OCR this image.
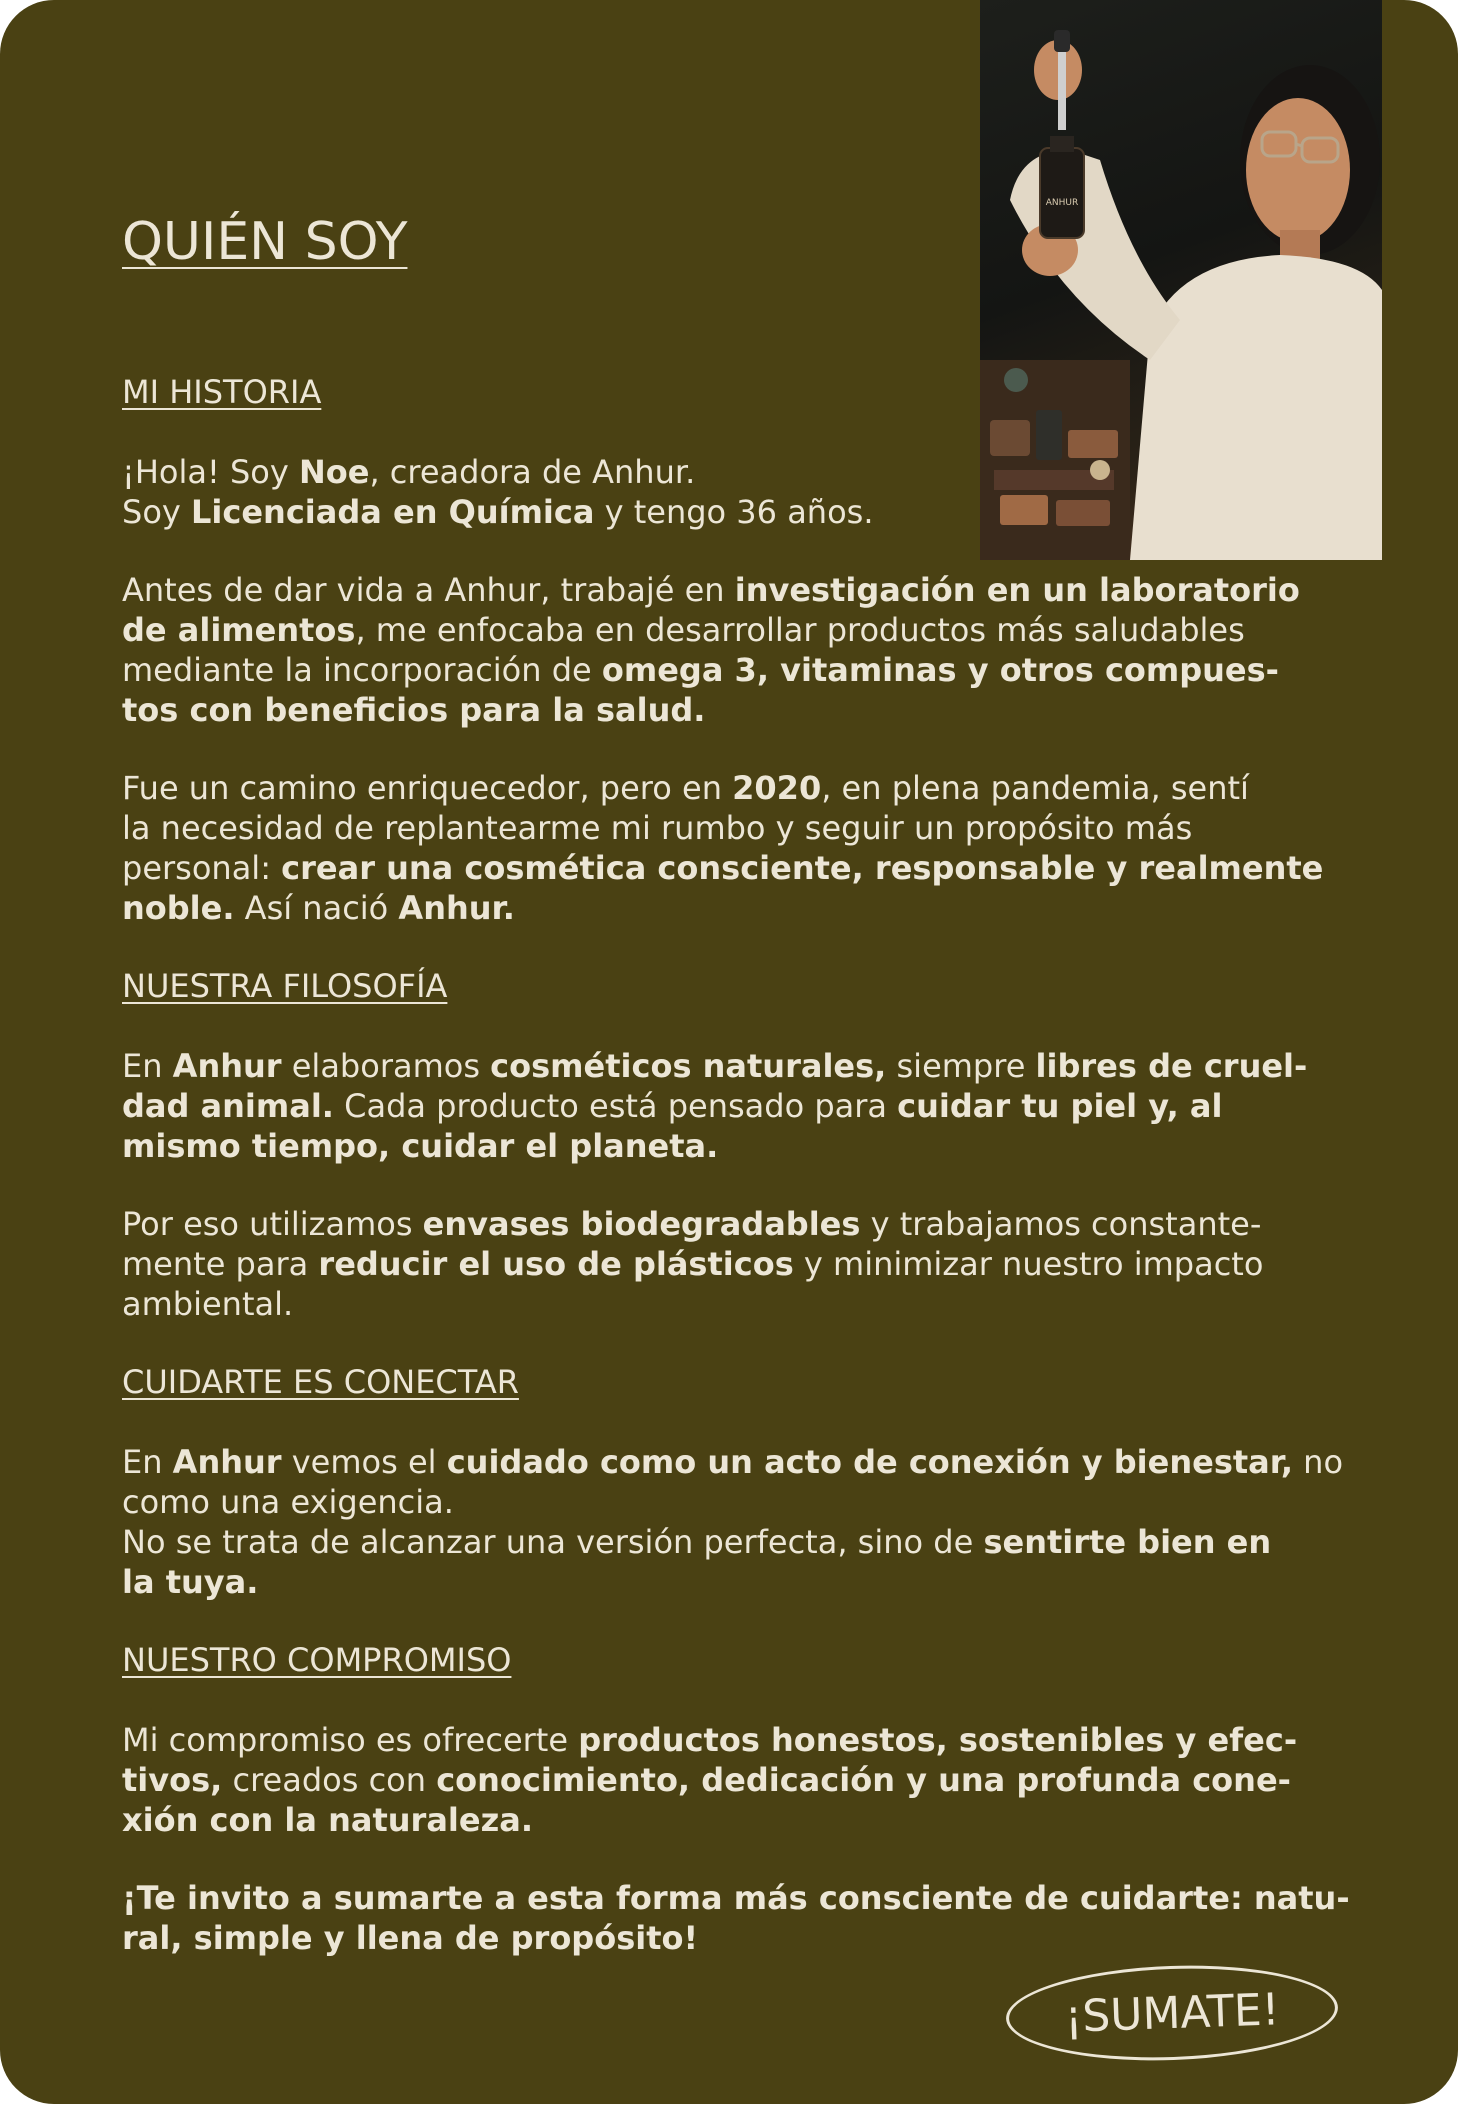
ANHUR
QUIÉN SOY
MI HISTORIA

¡Hola! Soy Noe, creadora de Anhur.
Soy Licenciada en Química y tengo 36 años.

Antes de dar vida a Anhur, trabajé en investigación en un laboratorio
de alimentos, me enfocaba en desarrollar productos más saludables
mediante la incorporación de omega 3, vitaminas y otros compues-
tos con beneficios para la salud.

Fue un camino enriquecedor, pero en 2020, en plena pandemia, sentí
la necesidad de replantearme mi rumbo y seguir un propósito más
personal: crear una cosmética consciente, responsable y realmente
noble. Así nació Anhur.

NUESTRA FILOSOFÍA

En Anhur elaboramos cosméticos naturales, siempre libres de cruel-
dad animal. Cada producto está pensado para cuidar tu piel y, al
mismo tiempo, cuidar el planeta.

Por eso utilizamos envases biodegradables y trabajamos constante-
mente para reducir el uso de plásticos y minimizar nuestro impacto
ambiental.

CUIDARTE ES CONECTAR

En Anhur vemos el cuidado como un acto de conexión y bienestar, no
como una exigencia.
No se trata de alcanzar una versión perfecta, sino de sentirte bien en
la tuya.

NUESTRO COMPROMISO

Mi compromiso es ofrecerte productos honestos, sostenibles y efec-
tivos, creados con conocimiento, dedicación y una profunda cone-
xión con la naturaleza.

¡Te invito a sumarte a esta forma más consciente de cuidarte: natu-
ral, simple y llena de propósito!

¡SUMATE!
